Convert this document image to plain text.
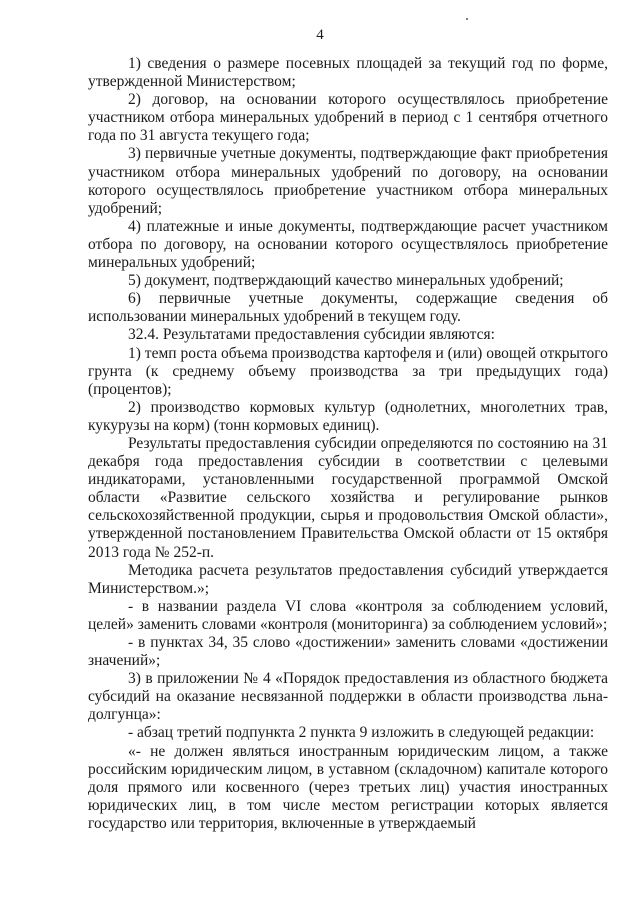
4

1) сведения о размере посевных площадей за текущий год по форме, утвержденной Министерством;

2) договор, на основании которого осуществлялось приобретение участником отбора минеральных удобрений в период с 1 сентября отчетного года по 31 августа текущего года;

3) первичные учетные документы, подтверждающие факт приобретения участником отбора минеральных удобрений по договору, на основании которого осуществлялось приобретение участником отбора минеральных удобрений;

4) платежные и иные документы, подтверждающие расчет участником отбора по договору, на основании которого осуществлялось приобретение минеральных удобрений;

5) документ, подтверждающий качество минеральных удобрений;

6) первичные учетные документы, содержащие сведения об использовании минеральных удобрений в текущем году.

32.4. Результатами предоставления субсидии являются:

1) темп роста объема производства картофеля и (или) овощей открытого грунта (к среднему объему производства за три предыдущих года) (процентов);

2) производство кормовых культур (однолетних, многолетних трав, кукурузы на корм) (тонн кормовых единиц).

Результаты предоставления субсидии определяются по состоянию на 31 декабря года предоставления субсидии в соответствии с целевыми индикаторами, установленными государственной программой Омской области «Развитие сельского хозяйства и регулирование рынков сельскохозяйственной продукции, сырья и продовольствия Омской области», утвержденной постановлением Правительства Омской области от 15 октября 2013 года № 252-п.

Методика расчета результатов предоставления субсидий утверждается Министерством.»;

- в названии раздела VI слова «контроля за соблюдением условий, целей» заменить словами «контроля (мониторинга) за соблюдением условий»;

- в пунктах 34, 35 слово «достижении» заменить словами «достижении значений»;

3) в приложении № 4 «Порядок предоставления из областного бюджета субсидий на оказание несвязанной поддержки в области производства льна-долгунца»:

- абзац третий подпункта 2 пункта 9 изложить в следующей редакции:

«- не должен являться иностранным юридическим лицом, а также российским юридическим лицом, в уставном (складочном) капитале которого доля прямого или косвенного (через третьих лиц) участия иностранных юридических лиц, в том числе местом регистрации которых является государство или территория, включенные в утверждаемый
